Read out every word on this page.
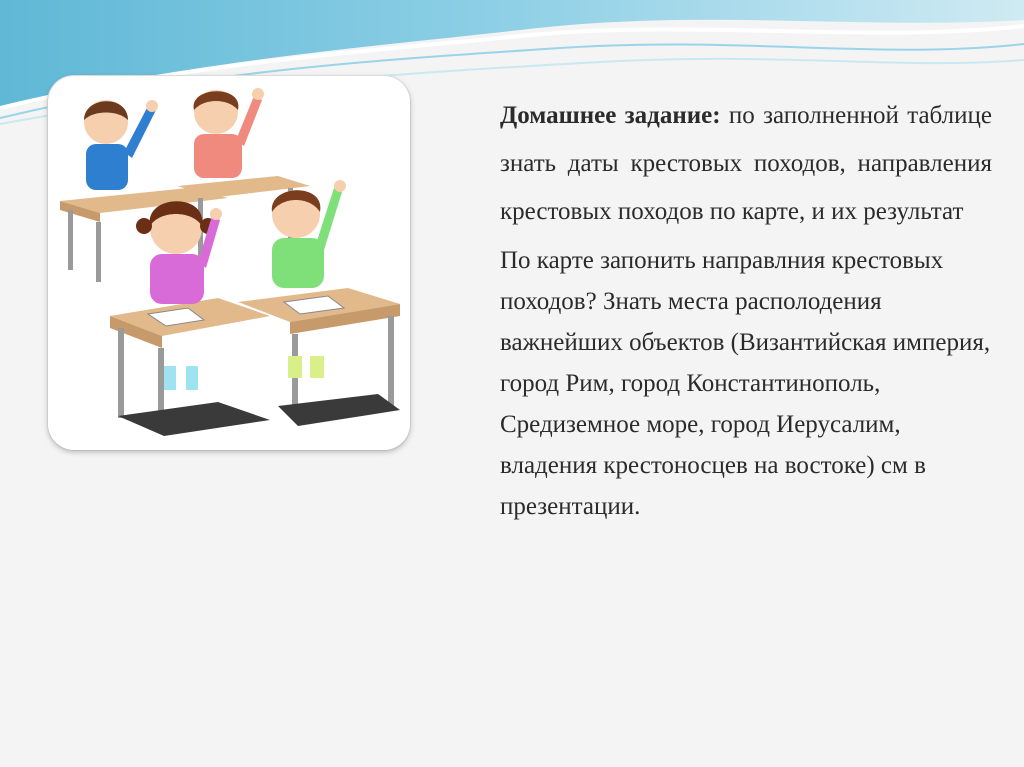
Домашнее задание: по заполненной таблице знать даты крестовых походов, направления крестовых походов по карте, и их результат

По карте запонить направлния крестовых походов? Знать места располодения важнейших объектов (Византийская империя, город Рим, город Константинополь, Средиземное море, город Иерусалим, владения крестоносцев на востоке) см в презентации.
